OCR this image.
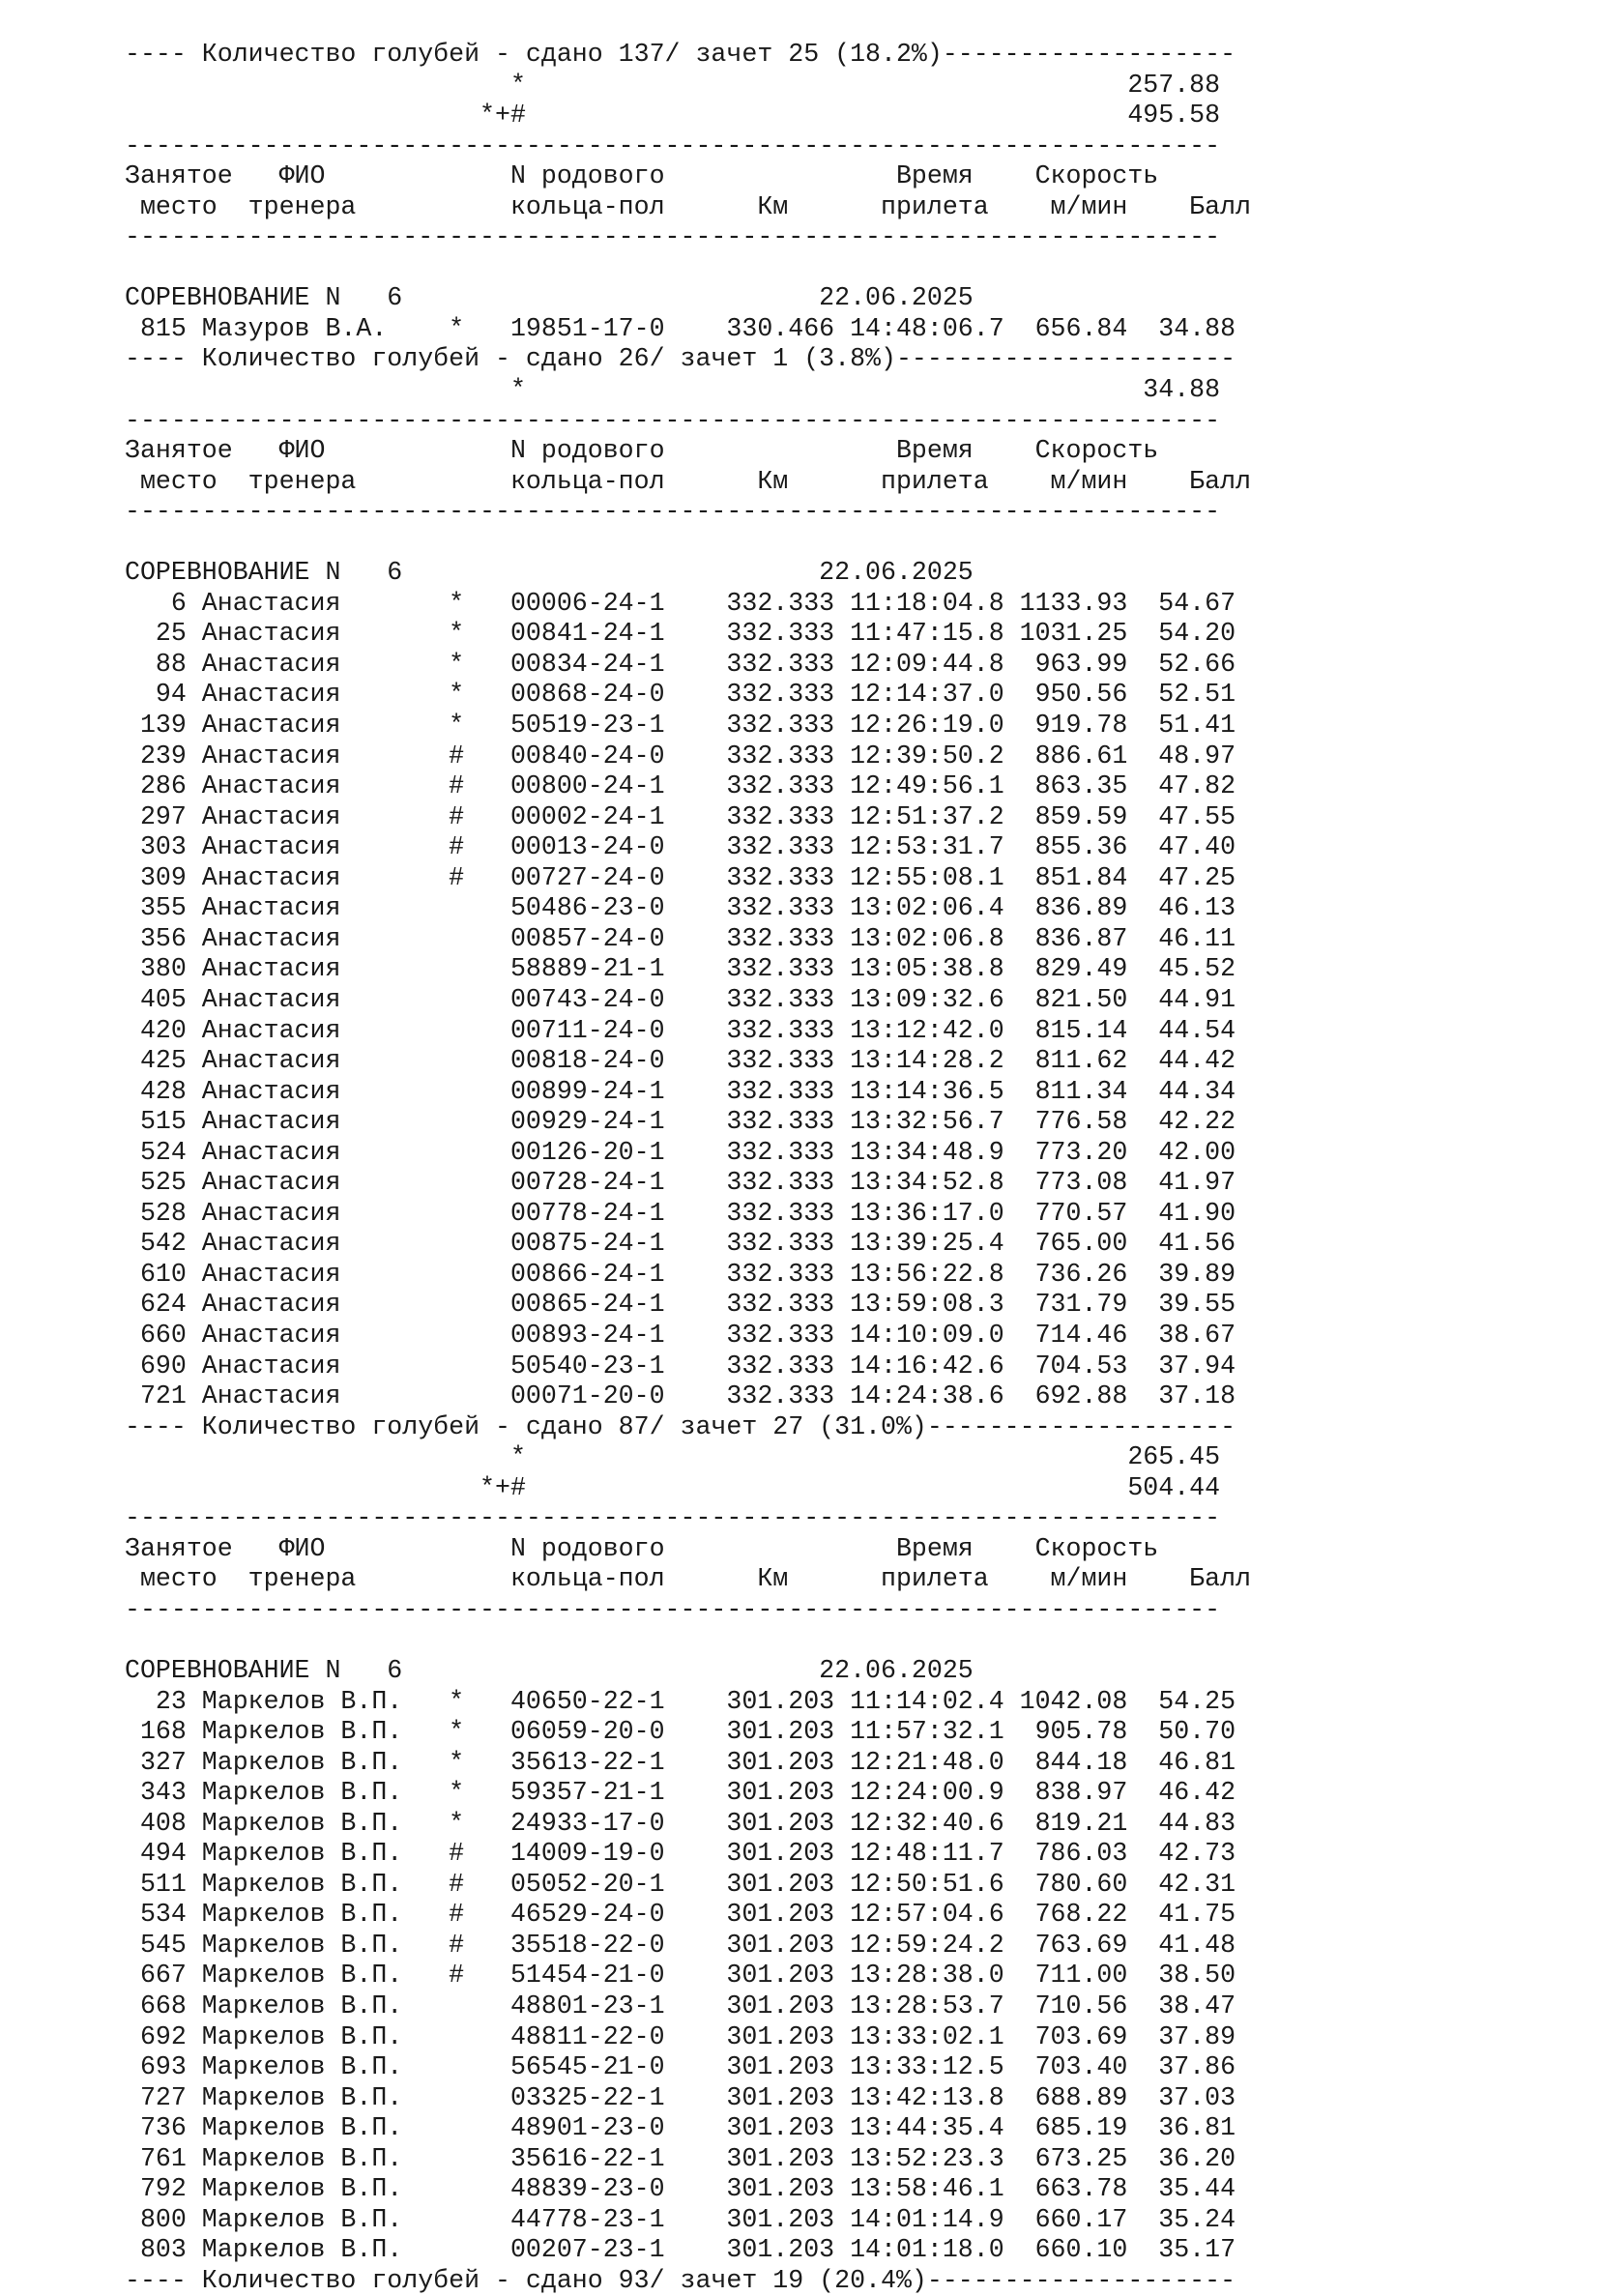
---- Количество голубей - сдано 137/ зачет 25 (18.2%)-------------------
*                                       257.88
*+#                                       495.58
-----------------------------------------------------------------------
Занятое   ФИО            N родового               Время    Скорость
место  тренера          кольца-пол      Км      прилета    м/мин    Балл
-----------------------------------------------------------------------
СОРЕВНОВАНИЕ N   6                           22.06.2025
815 Мазуров В.А.    *   19851-17-0    330.466 14:48:06.7  656.84  34.88
---- Количество голубей - сдано 26/ зачет 1 (3.8%)----------------------
*                                        34.88
-----------------------------------------------------------------------
Занятое   ФИО            N родового               Время    Скорость
место  тренера          кольца-пол      Км      прилета    м/мин    Балл
-----------------------------------------------------------------------
СОРЕВНОВАНИЕ N   6                           22.06.2025
6 Анастасия       *   00006-24-1    332.333 11:18:04.8 1133.93  54.67
25 Анастасия       *   00841-24-1    332.333 11:47:15.8 1031.25  54.20
88 Анастасия       *   00834-24-1    332.333 12:09:44.8  963.99  52.66
94 Анастасия       *   00868-24-0    332.333 12:14:37.0  950.56  52.51
139 Анастасия       *   50519-23-1    332.333 12:26:19.0  919.78  51.41
239 Анастасия       #   00840-24-0    332.333 12:39:50.2  886.61  48.97
286 Анастасия       #   00800-24-1    332.333 12:49:56.1  863.35  47.82
297 Анастасия       #   00002-24-1    332.333 12:51:37.2  859.59  47.55
303 Анастасия       #   00013-24-0    332.333 12:53:31.7  855.36  47.40
309 Анастасия       #   00727-24-0    332.333 12:55:08.1  851.84  47.25
355 Анастасия           50486-23-0    332.333 13:02:06.4  836.89  46.13
356 Анастасия           00857-24-0    332.333 13:02:06.8  836.87  46.11
380 Анастасия           58889-21-1    332.333 13:05:38.8  829.49  45.52
405 Анастасия           00743-24-0    332.333 13:09:32.6  821.50  44.91
420 Анастасия           00711-24-0    332.333 13:12:42.0  815.14  44.54
425 Анастасия           00818-24-0    332.333 13:14:28.2  811.62  44.42
428 Анастасия           00899-24-1    332.333 13:14:36.5  811.34  44.34
515 Анастасия           00929-24-1    332.333 13:32:56.7  776.58  42.22
524 Анастасия           00126-20-1    332.333 13:34:48.9  773.20  42.00
525 Анастасия           00728-24-1    332.333 13:34:52.8  773.08  41.97
528 Анастасия           00778-24-1    332.333 13:36:17.0  770.57  41.90
542 Анастасия           00875-24-1    332.333 13:39:25.4  765.00  41.56
610 Анастасия           00866-24-1    332.333 13:56:22.8  736.26  39.89
624 Анастасия           00865-24-1    332.333 13:59:08.3  731.79  39.55
660 Анастасия           00893-24-1    332.333 14:10:09.0  714.46  38.67
690 Анастасия           50540-23-1    332.333 14:16:42.6  704.53  37.94
721 Анастасия           00071-20-0    332.333 14:24:38.6  692.88  37.18
---- Количество голубей - сдано 87/ зачет 27 (31.0%)--------------------
*                                       265.45
*+#                                       504.44
-----------------------------------------------------------------------
Занятое   ФИО            N родового               Время    Скорость
место  тренера          кольца-пол      Км      прилета    м/мин    Балл
-----------------------------------------------------------------------
СОРЕВНОВАНИЕ N   6                           22.06.2025
23 Маркелов В.П.   *   40650-22-1    301.203 11:14:02.4 1042.08  54.25
168 Маркелов В.П.   *   06059-20-0    301.203 11:57:32.1  905.78  50.70
327 Маркелов В.П.   *   35613-22-1    301.203 12:21:48.0  844.18  46.81
343 Маркелов В.П.   *   59357-21-1    301.203 12:24:00.9  838.97  46.42
408 Маркелов В.П.   *   24933-17-0    301.203 12:32:40.6  819.21  44.83
494 Маркелов В.П.   #   14009-19-0    301.203 12:48:11.7  786.03  42.73
511 Маркелов В.П.   #   05052-20-1    301.203 12:50:51.6  780.60  42.31
534 Маркелов В.П.   #   46529-24-0    301.203 12:57:04.6  768.22  41.75
545 Маркелов В.П.   #   35518-22-0    301.203 12:59:24.2  763.69  41.48
667 Маркелов В.П.   #   51454-21-0    301.203 13:28:38.0  711.00  38.50
668 Маркелов В.П.       48801-23-1    301.203 13:28:53.7  710.56  38.47
692 Маркелов В.П.       48811-22-0    301.203 13:33:02.1  703.69  37.89
693 Маркелов В.П.       56545-21-0    301.203 13:33:12.5  703.40  37.86
727 Маркелов В.П.       03325-22-1    301.203 13:42:13.8  688.89  37.03
736 Маркелов В.П.       48901-23-0    301.203 13:44:35.4  685.19  36.81
761 Маркелов В.П.       35616-22-1    301.203 13:52:23.3  673.25  36.20
792 Маркелов В.П.       48839-23-0    301.203 13:58:46.1  663.78  35.44
800 Маркелов В.П.       44778-23-1    301.203 14:01:14.9  660.17  35.24
803 Маркелов В.П.       00207-23-1    301.203 14:01:18.0  660.10  35.17
---- Количество голубей - сдано 93/ зачет 19 (20.4%)--------------------
